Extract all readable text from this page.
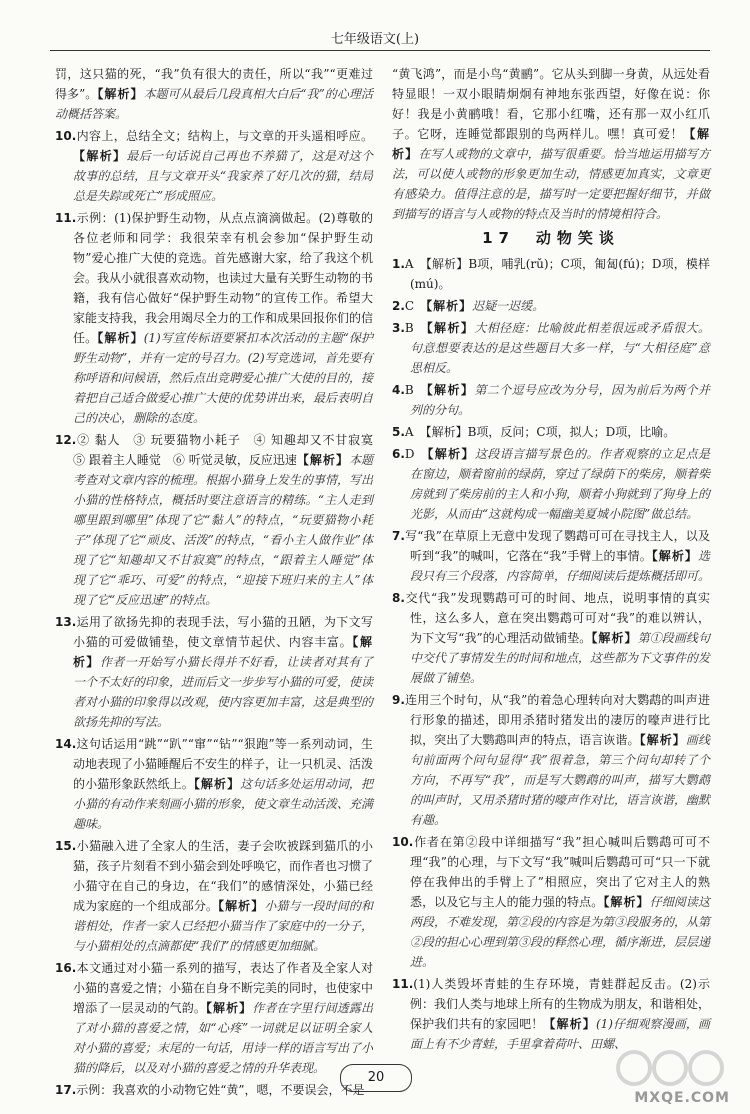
七年级语文(上)
罚，这只猫的死，“我”负有很大的责任，所以“我”“更难过得多”。【解析】本题可从最后几段真相大白后“我”的心理活动概括答案。
10.内容上，总结全文；结构上，与文章的开头遥相呼应。【解析】最后一句话说自己再也不养猫了，这是对这个故事的总结，且与文章开头“我家养了好几次的猫，结局总是失踪或死亡”形成照应。
11.示例：(1)保护野生动物，从点点滴滴做起。(2)尊敬的各位老师和同学：我很荣幸有机会参加“保护野生动物”爱心推广大使的竞选。首先感谢大家，给了我这个机会。我从小就很喜欢动物，也读过大量有关野生动物的书籍，我有信心做好“保护野生动物”的宣传工作。希望大家能支持我，我会用竭尽全力的工作和成果回报你们的信任。【解析】(1)写宣传标语要紧扣本次活动的主题“保护野生动物”，并有一定的号召力。(2)写竞选词，首先要有称呼语和问候语，然后点出竞聘爱心推广大使的目的，接着把自己适合做爱心推广大使的优势讲出来，最后表明自己的决心，删除的态度。
12.② 黏人　③ 玩要猫物小耗子　④ 知趣却又不甘寂寞　⑤ 跟着主人睡觉　⑥ 听觉灵敏，反应迅速【解析】本题考查对文章内容的梳理。根据小猫身上发生的事情，写出小猫的性格特点，概括时要注意语言的精练。“主人走到哪里跟到哪里”体现了它“黏人”的特点，“玩要猫物小耗子”体现了它“顽皮、活泼”的特点，“看小主人做作业”体现了它“知趣却又不甘寂寞”的特点，“跟着主人睡觉”体现了它“乖巧、可爱”的特点，“迎接下班归来的主人”体现了它“反应迅速”的特点。
13.运用了欲扬先抑的表现手法，写小猫的丑陋，为下文写小猫的可爱做铺垫，使文章情节起伏、内容丰富。【解析】作者一开始写小猫长得并不好看，让读者对其有了一个不太好的印象，进而后文一步步写小猫的可爱，使读者对小猫的印象得以改观，使内容更加丰富，这是典型的欲扬先抑的写法。
14.这句话运用“跳”“趴”“窜”“钻”“狠跑”等一系列动词，生动地表现了小猫睡醒后不安生的样子，让一只机灵、活泼的小猫形象跃然纸上。【解析】这句话多处运用动词，把小猫的有动作来刻画小猫的形象，使文章生动活泼、充满趣味。
15.小猫融入进了全家人的生活，妻子会吹被踩到猫爪的小猫，孩子片刻看不到小猫会到处呼唤它，而作者也习惯了小猫守在自己的身边，在“我们”的感情深处，小猫已经成为家庭的一个组成部分。【解析】小猫与一段时间的和谐相处，作者一家人已经把小猫当作了家庭中的一分子，与小猫相处的点滴都使“我们”的情感更加细腻。
16.本文通过对小猫一系列的描写，表达了作者及全家人对小猫的喜爱之情；小猫在自身不断完美的同时，也使家中增添了一层灵动的气韵。【解析】作者在字里行间透露出了对小猫的喜爱之情，如“心疼”一词就足以证明全家人对小猫的喜爱；末尾的一句话，用诗一样的语言写出了小猫的降后，以及对小猫的喜爱之情的升华表现。
17.示例：我喜欢的小动物它姓“黄”，嗯，不要误会，不是
“黄飞鸿”，而是小鸟“黄鹂”。它从头到脚一身黄，从远处看特显眼！一双小眼睛炯炯有神地东张西望，好像在说：你好！我是小黄鹂哦！看，它那小红嘴，还有那一双小红爪子。它呀，连睡觉都跟别的鸟两样儿。嘿！真可爱！【解析】在写人或物的文章中，描写很重要。恰当地运用描写方法，可以使人或物的形象更加生动，情感更加真实，文章更有感染力。值得注意的是，描写时一定要把握好细节，并做到描写的语言与人或物的特点及当时的情境相符合。
17　动物笑谈
1.A　【解析】B项，哺乳(rǔ)；C项，匍匐(fú)；D项，模样(mú)。
2.C　【解析】迟疑一迟缓。
3.B　【解析】大相径庭：比喻彼此相差很远或矛盾很大。句意想要表达的是这些题目大多一样，与“大相径庭”意思相反。
4.B　【解析】第二个逗号应改为分号，因为前后为两个并列的分句。
5.A　【解析】B项，反问；C项，拟人；D项，比喻。
6.D　【解析】这段语言描写景色的。作者观察的立足点是在窗边，顺着窗前的绿荫，穿过了绿荫下的柴房，顺着柴房就到了柴房前的主人和小狗，顺着小狗就到了狗身上的光影，从而由“这就构成一幅幽美夏城小院图”做总结。
7.写“我”在草原上无意中发现了鹦鹉可可在寻找主人，以及听到“我”的喊叫，它落在“我”手臂上的事情。【解析】选段只有三个段落，内容简单，仔细阅读后提炼概括即可。
8.交代“我”发现鹦鹉可可的时间、地点，说明事情的真实性，这么多人，意在突出鹦鹉可可对“我”的难以辨认，为下文写“我”的心理活动做铺垫。【解析】第①段画线句中交代了事情发生的时间和地点，这些都为下文事件的发展做了铺垫。
9.连用三个时句，从“我”的着急心理转向对大鹦鹉的叫声进行形象的描述，即用杀猪时猪发出的凄厉的嚎声进行比拟，突出了大鹦鹉叫声的特点，语言诙谐。【解析】画线句前面两个问句显得“我”很着急，第三个问句却转了个方向，不再写“我”，而是写大鹦鹉的叫声，描写大鹦鹉的叫声时，又用杀猪时猪的嚎声作对比，语言诙谐，幽默有趣。
10.作者在第②段中详细描写“我”担心喊叫后鹦鹉可可不理“我”的心理，与下文写“我”喊叫后鹦鹉可可“只一下就停在我伸出的手臂上了”相照应，突出了它对主人的熟悉，以及它与主人的能力强的特点。【解析】仔细阅读这两段，不难发现，第②段的内容是为第③段服务的，从第②段的担心心理到第③段的释然心理，循序渐进，层层递进。
11.(1)人类毁坏青蛙的生存环境，青蛙群起反击。(2)示例：我们人类与地球上所有的生物成为朋友，和谐相处，保护我们共有的家园吧！【解析】(1)仔细观察漫画，画面上有不少青蛙，手里拿着荷叶、田螺、
20
MXQE.COM
